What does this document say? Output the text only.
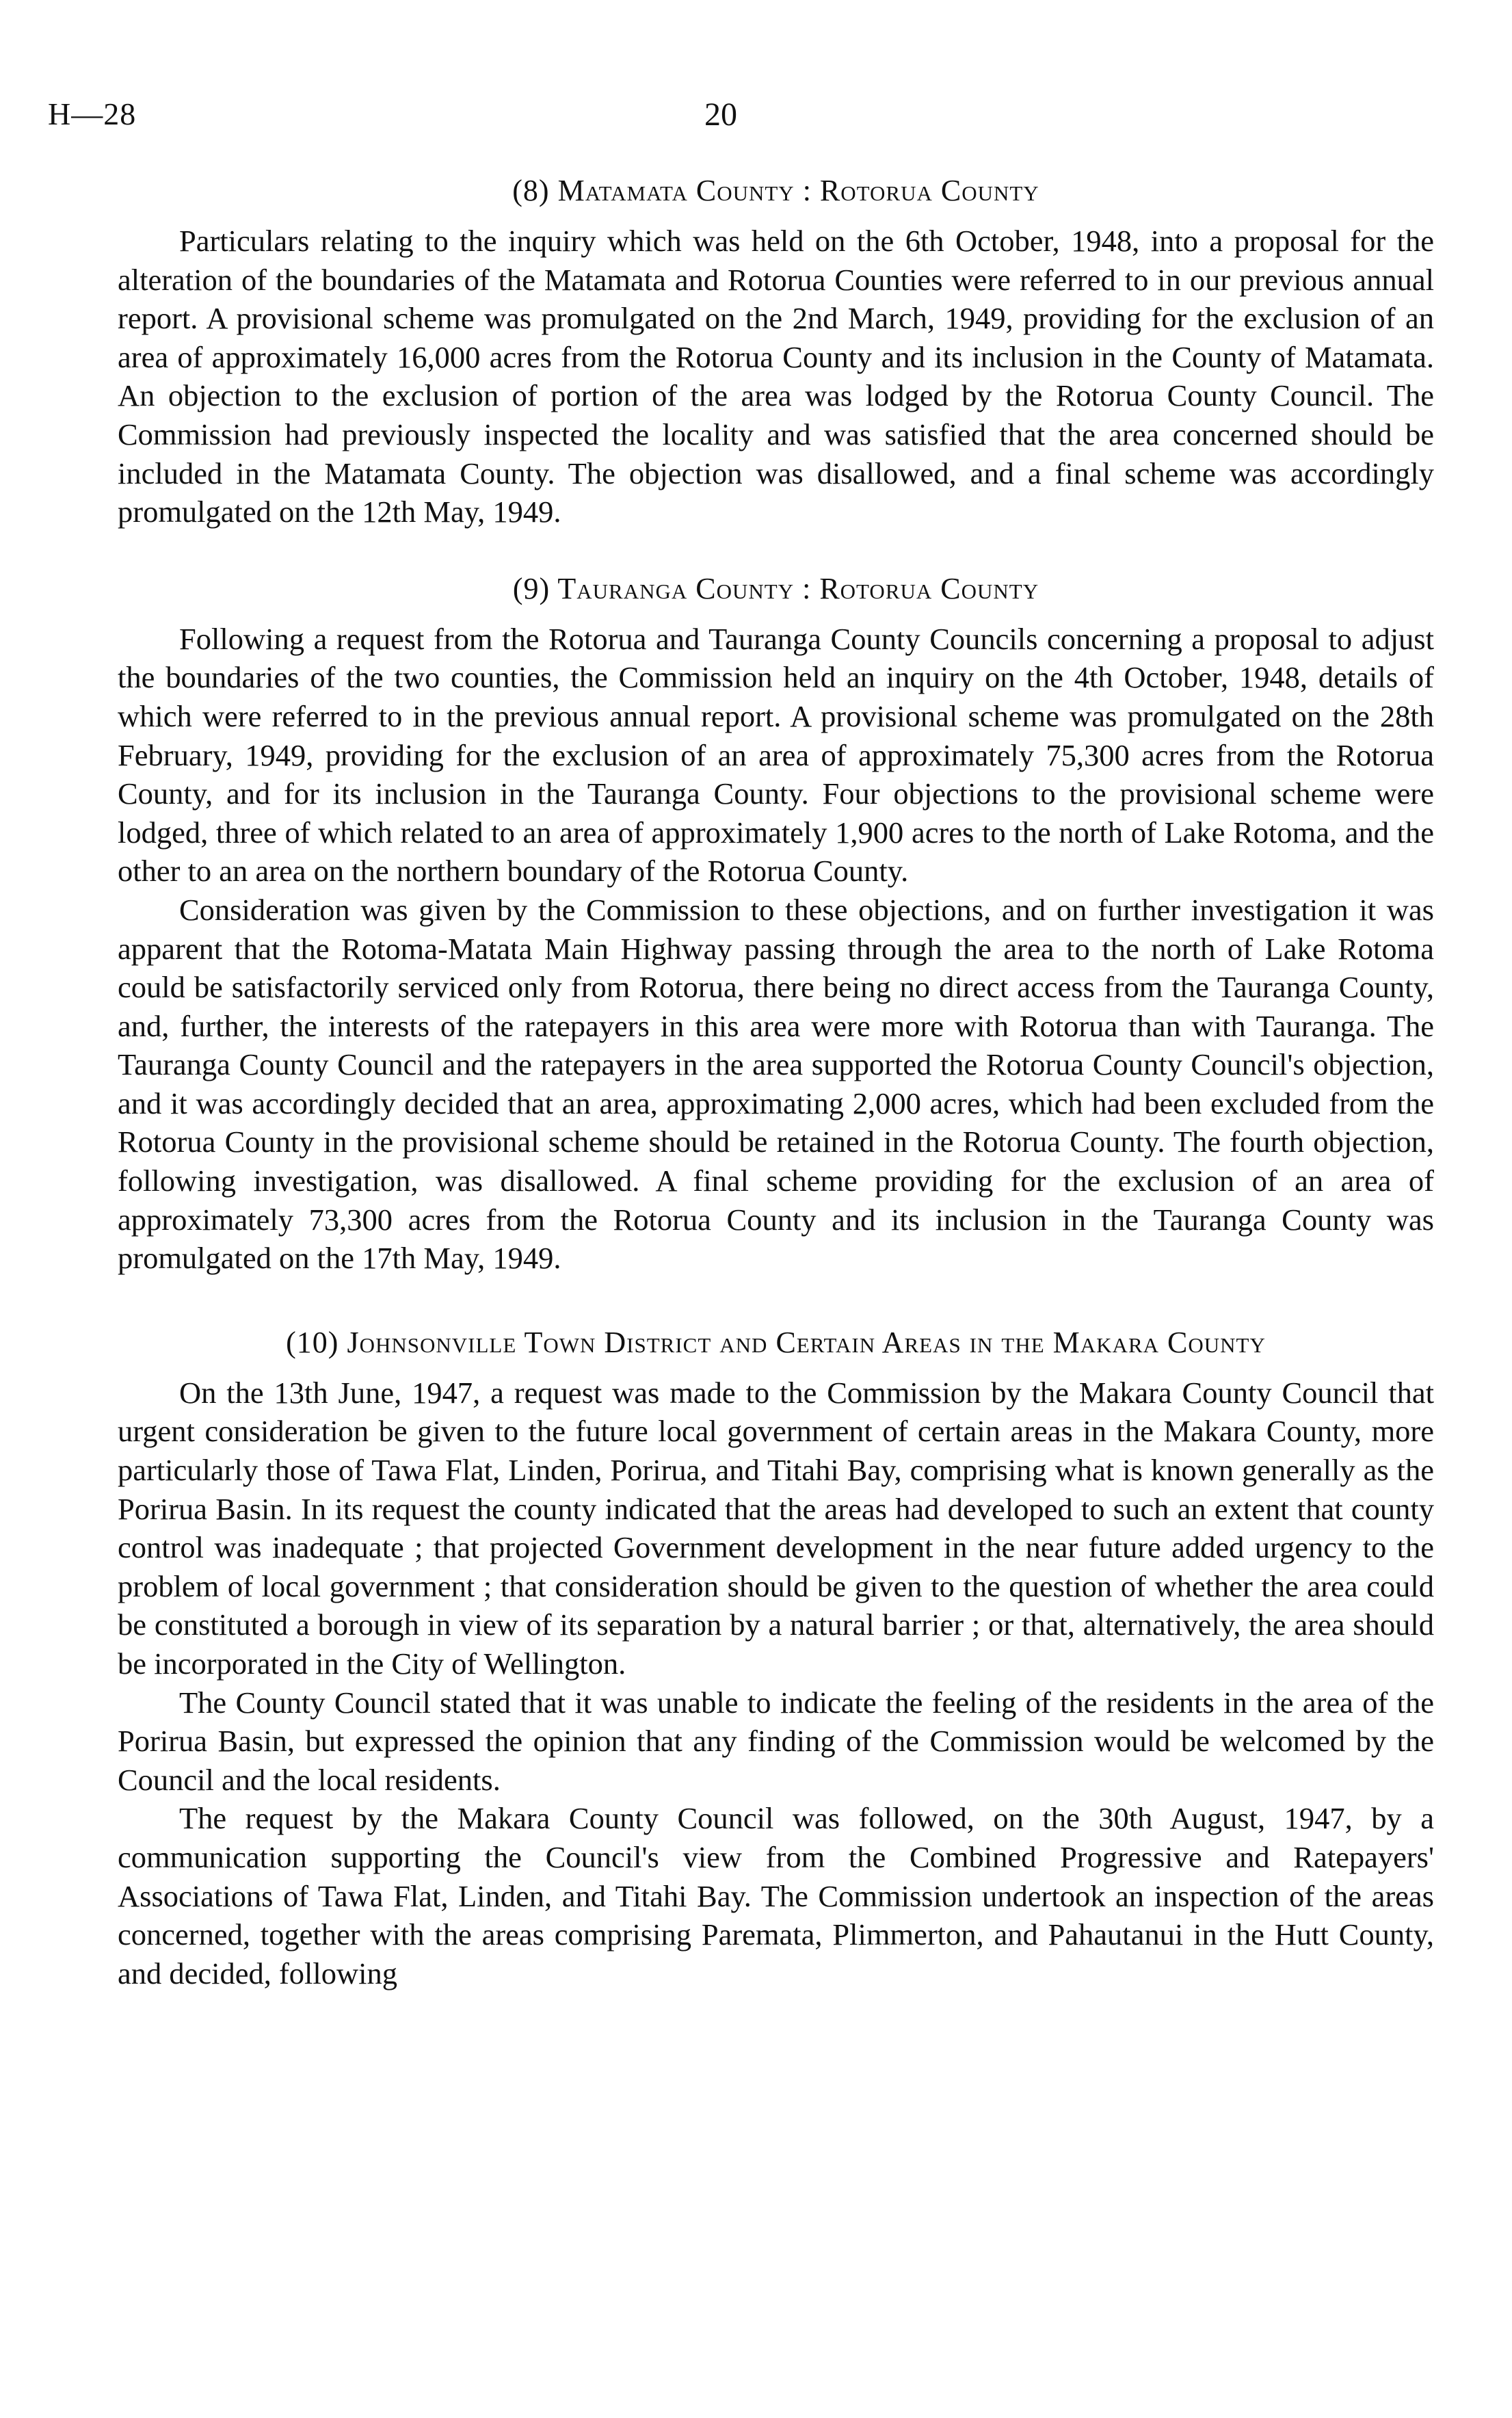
H—28	20
(8) Matamata County : Rotorua County

Particulars relating to the inquiry which was held on the 6th October, 1948, into a proposal for the alteration of the boundaries of the Matamata and Rotorua Counties were referred to in our previous annual report. A provisional scheme was promulgated on the 2nd March, 1949, providing for the exclusion of an area of approximately 16,000 acres from the Rotorua County and its inclusion in the County of Matamata. An objection to the exclusion of portion of the area was lodged by the Rotorua County Council. The Commission had previously inspected the locality and was satisfied that the area concerned should be included in the Matamata County. The objection was disallowed, and a final scheme was accordingly promulgated on the 12th May, 1949.

(9) Tauranga County : Rotorua County

Following a request from the Rotorua and Tauranga County Councils concerning a proposal to adjust the boundaries of the two counties, the Commission held an inquiry on the 4th October, 1948, details of which were referred to in the previous annual report. A provisional scheme was promulgated on the 28th February, 1949, providing for the exclusion of an area of approximately 75,300 acres from the Rotorua County, and for its inclusion in the Tauranga County. Four objections to the provisional scheme were lodged, three of which related to an area of approximately 1,900 acres to the north of Lake Rotoma, and the other to an area on the northern boundary of the Rotorua County.

Consideration was given by the Commission to these objections, and on further investigation it was apparent that the Rotoma-Matata Main Highway passing through the area to the north of Lake Rotoma could be satisfactorily serviced only from Rotorua, there being no direct access from the Tauranga County, and, further, the interests of the ratepayers in this area were more with Rotorua than with Tauranga. The Tauranga County Council and the ratepayers in the area supported the Rotorua County Council's objection, and it was accordingly decided that an area, approximating 2,000 acres, which had been excluded from the Rotorua County in the provisional scheme should be retained in the Rotorua County. The fourth objection, following investigation, was disallowed. A final scheme providing for the exclusion of an area of approximately 73,300 acres from the Rotorua County and its inclusion in the Tauranga County was promulgated on the 17th May, 1949.

(10) Johnsonville Town District and Certain Areas in the Makara County

On the 13th June, 1947, a request was made to the Commission by the Makara County Council that urgent consideration be given to the future local government of certain areas in the Makara County, more particularly those of Tawa Flat, Linden, Porirua, and Titahi Bay, comprising what is known generally as the Porirua Basin. In its request the county indicated that the areas had developed to such an extent that county control was inadequate ; that projected Government development in the near future added urgency to the problem of local government ; that consideration should be given to the question of whether the area could be constituted a borough in view of its separation by a natural barrier ; or that, alternatively, the area should be incorporated in the City of Wellington.

The County Council stated that it was unable to indicate the feeling of the residents in the area of the Porirua Basin, but expressed the opinion that any finding of the Commission would be welcomed by the Council and the local residents.

The request by the Makara County Council was followed, on the 30th August, 1947, by a communication supporting the Council's view from the Combined Progressive and Ratepayers' Associations of Tawa Flat, Linden, and Titahi Bay. The Commission undertook an inspection of the areas concerned, together with the areas comprising Paremata, Plimmerton, and Pahautanui in the Hutt County, and decided, following
